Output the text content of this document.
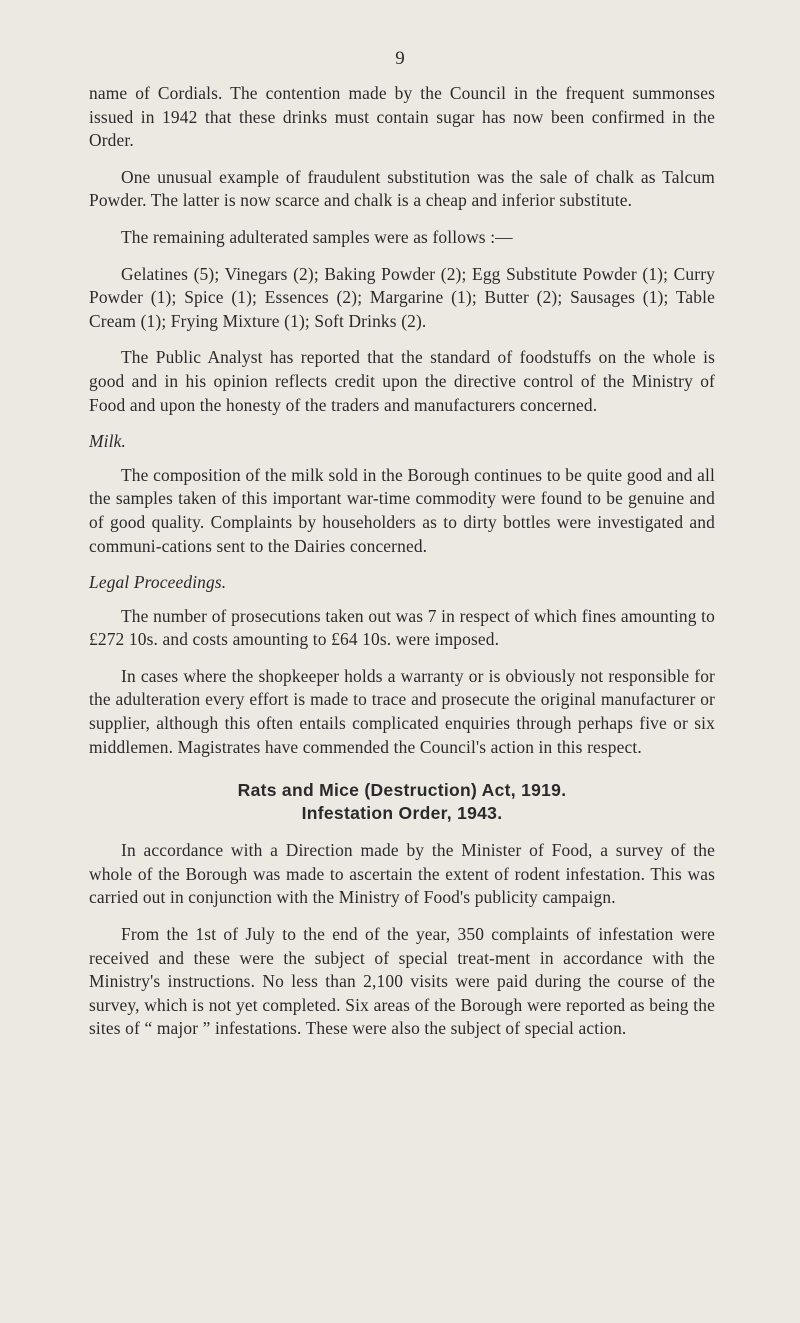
9

name of Cordials. The contention made by the Council in the frequent summonses issued in 1942 that these drinks must contain sugar has now been confirmed in the Order.

One unusual example of fraudulent substitution was the sale of chalk as Talcum Powder. The latter is now scarce and chalk is a cheap and inferior substitute.

The remaining adulterated samples were as follows :—

Gelatines (5); Vinegars (2); Baking Powder (2); Egg Substitute Powder (1); Curry Powder (1); Spice (1); Essences (2); Margarine (1); Butter (2); Sausages (1); Table Cream (1); Frying Mixture (1); Soft Drinks (2).

The Public Analyst has reported that the standard of foodstuffs on the whole is good and in his opinion reflects credit upon the directive control of the Ministry of Food and upon the honesty of the traders and manufacturers concerned.

Milk.

The composition of the milk sold in the Borough continues to be quite good and all the samples taken of this important war-time commodity were found to be genuine and of good quality. Complaints by householders as to dirty bottles were investigated and communi-cations sent to the Dairies concerned.

Legal Proceedings.

The number of prosecutions taken out was 7 in respect of which fines amounting to £272 10s. and costs amounting to £64 10s. were imposed.

In cases where the shopkeeper holds a warranty or is obviously not responsible for the adulteration every effort is made to trace and prosecute the original manufacturer or supplier, although this often entails complicated enquiries through perhaps five or six middlemen. Magistrates have commended the Council's action in this respect.

Rats and Mice (Destruction) Act, 1919.
Infestation Order, 1943.

In accordance with a Direction made by the Minister of Food, a survey of the whole of the Borough was made to ascertain the extent of rodent infestation. This was carried out in conjunction with the Ministry of Food's publicity campaign.

From the 1st of July to the end of the year, 350 complaints of infestation were received and these were the subject of special treat-ment in accordance with the Ministry's instructions. No less than 2,100 visits were paid during the course of the survey, which is not yet completed. Six areas of the Borough were reported as being the sites of “ major ” infestations. These were also the subject of special action.
